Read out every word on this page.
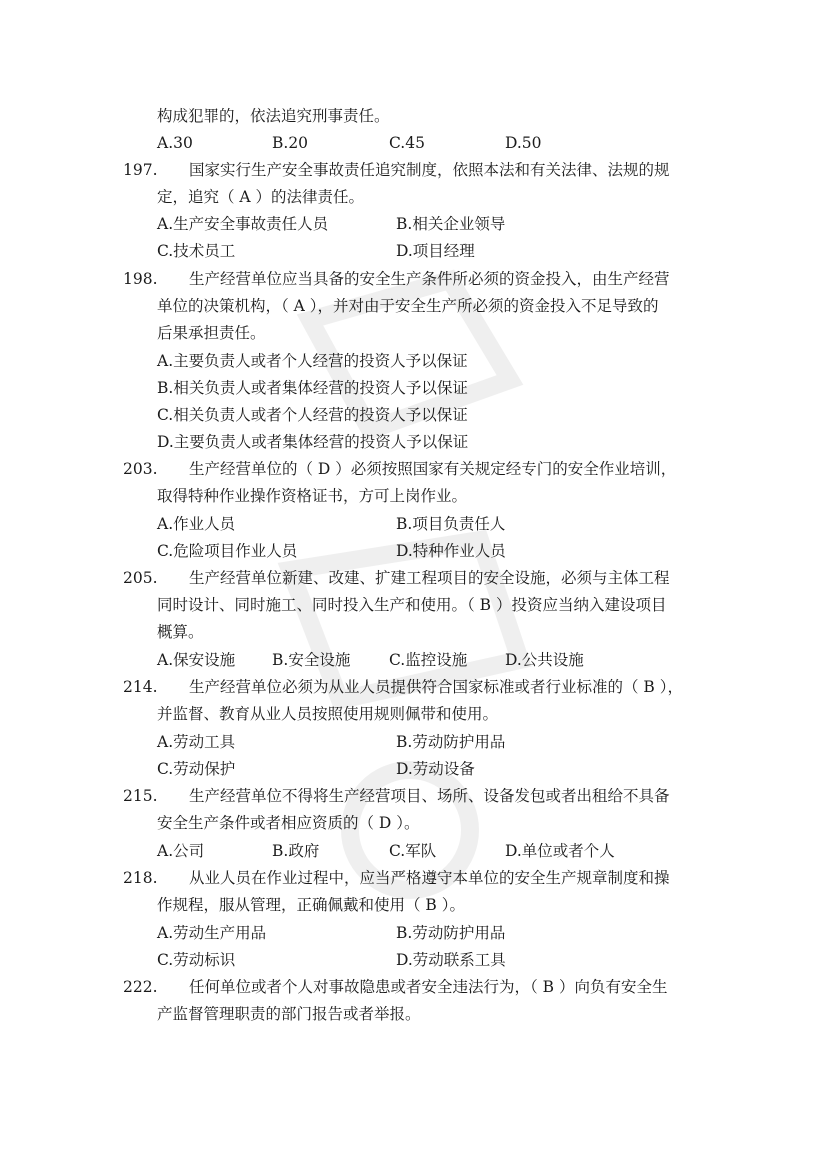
构成犯罪的，依法追究刑事责任。
A.30	B.20	C.45	D.50
197. 国家实行生产安全事故责任追究制度，依照本法和有关法律、法规的规
定，追究（ A ）的法律责任。
A.生产安全事故责任人员	B.相关企业领导
C.技术员工	D.项目经理
198. 生产经营单位应当具备的安全生产条件所必须的资金投入，由生产经营
单位的决策机构，（ A ），并对由于安全生产所必须的资金投入不足导致的
后果承担责任。
A.主要负责人或者个人经营的投资人予以保证
B.相关负责人或者集体经营的投资人予以保证
C.相关负责人或者个人经营的投资人予以保证
D.主要负责人或者集体经营的投资人予以保证
203. 生产经营单位的（ D ）必须按照国家有关规定经专门的安全作业培训，
取得特种作业操作资格证书，方可上岗作业。
A.作业人员	B.项目负责任人
C.危险项目作业人员	D.特种作业人员
205. 生产经营单位新建、改建、扩建工程项目的安全设施，必须与主体工程
同时设计、同时施工、同时投入生产和使用。（ B ）投资应当纳入建设项目
概算。
A.保安设施 B.安全设施 C.监控设施 D.公共设施
214. 生产经营单位必须为从业人员提供符合国家标准或者行业标准的（ B ），
并监督、教育从业人员按照使用规则佩带和使用。
A.劳动工具	B.劳动防护用品
C.劳动保护	D.劳动设备
215. 生产经营单位不得将生产经营项目、场所、设备发包或者出租给不具备
安全生产条件或者相应资质的（ D ）。
A.公司	B.政府	C.军队	D.单位或者个人
218. 从业人员在作业过程中，应当严格遵守本单位的安全生产规章制度和操
作规程，服从管理，正确佩戴和使用（ B ）。
A.劳动生产用品	B.劳动防护用品
C.劳动标识	D.劳动联系工具
222. 任何单位或者个人对事故隐患或者安全违法行为，（ B ）向负有安全生
产监督管理职责的部门报告或者举报。
